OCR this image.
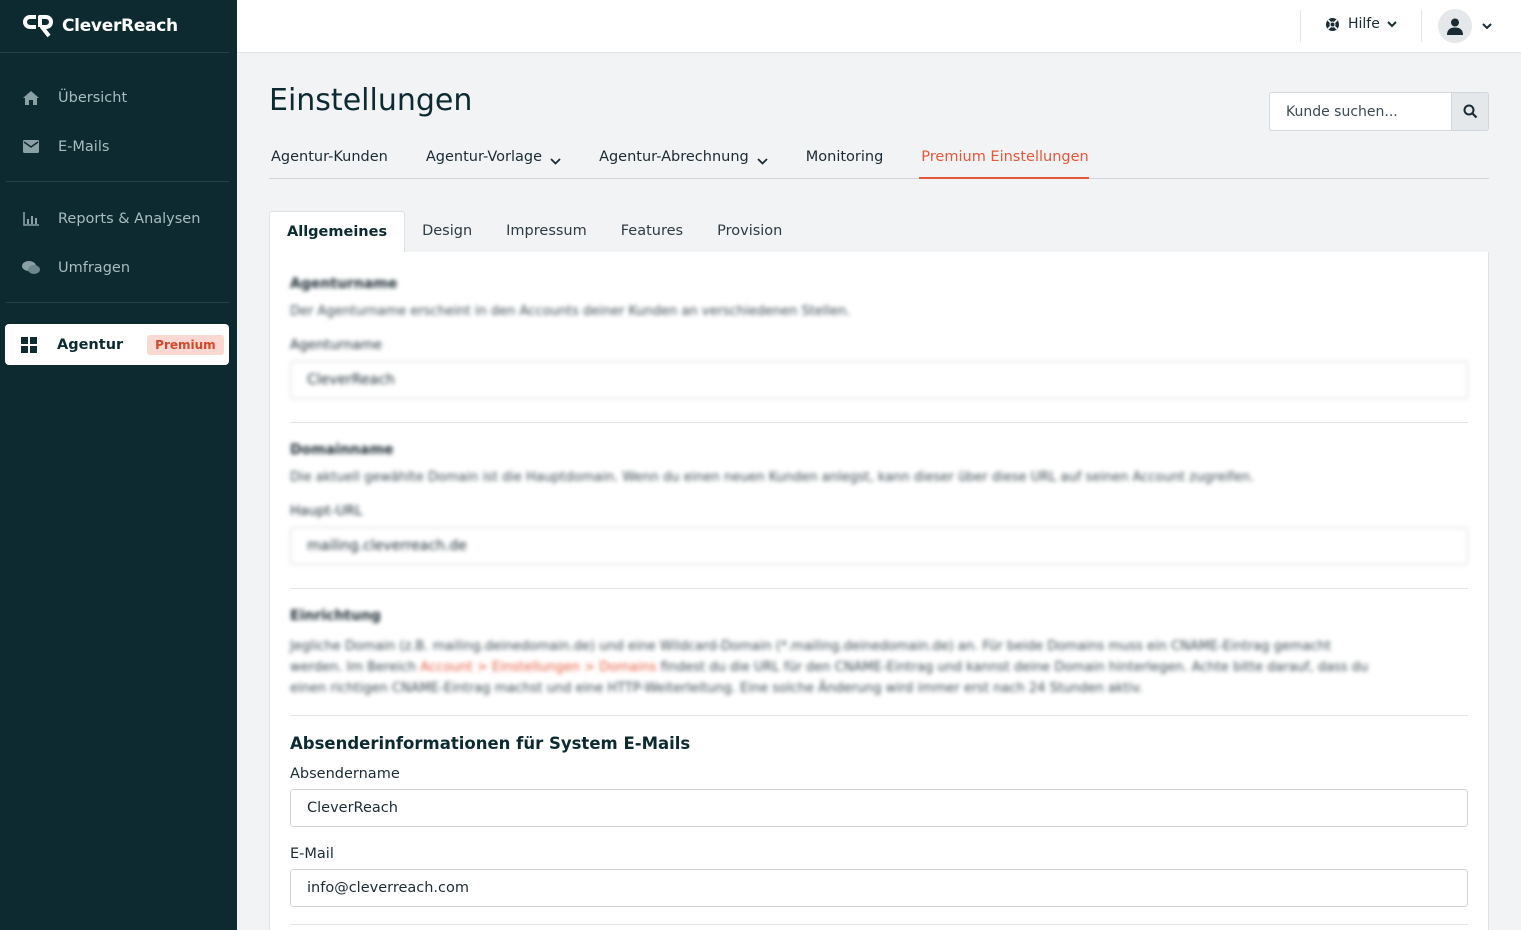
CleverReach
Übersicht
E-Mails
Reports & Analysen
Umfragen
Agentur	Premium
Hilfe
Einstellungen
Kunde suchen...
Agentur-Kunden	Agentur-Vorlage	Agentur-Abrechnung	Monitoring	Premium Einstellungen
Allgemeines	Design	Impressum	Features	Provision
Agenturname
Der Agenturname erscheint in den Accounts deiner Kunden an verschiedenen Stellen.
Agenturname
CleverReach
Domainname
Die aktuell gewählte Domain ist die Hauptdomain. Wenn du einen neuen Kunden anlegst, kann dieser über diese URL auf seinen Account zugreifen.
Haupt-URL
mailing.cleverreach.de
Einrichtung
Jegliche Domain (z.B. mailing.deinedomain.de) und eine Wildcard-Domain (*.mailing.deinedomain.de) an. Für beide Domains muss ein CNAME-Eintrag gemacht
werden. Im Bereich Account > Einstellungen > Domains findest du die URL für den CNAME-Eintrag und kannst deine Domain hinterlegen. Achte bitte darauf, dass du
einen richtigen CNAME-Eintrag machst und eine HTTP-Weiterleitung. Eine solche Änderung wird immer erst nach 24 Stunden aktiv.
Absenderinformationen für System E-Mails
Absendername
CleverReach
E-Mail
info@cleverreach.com
